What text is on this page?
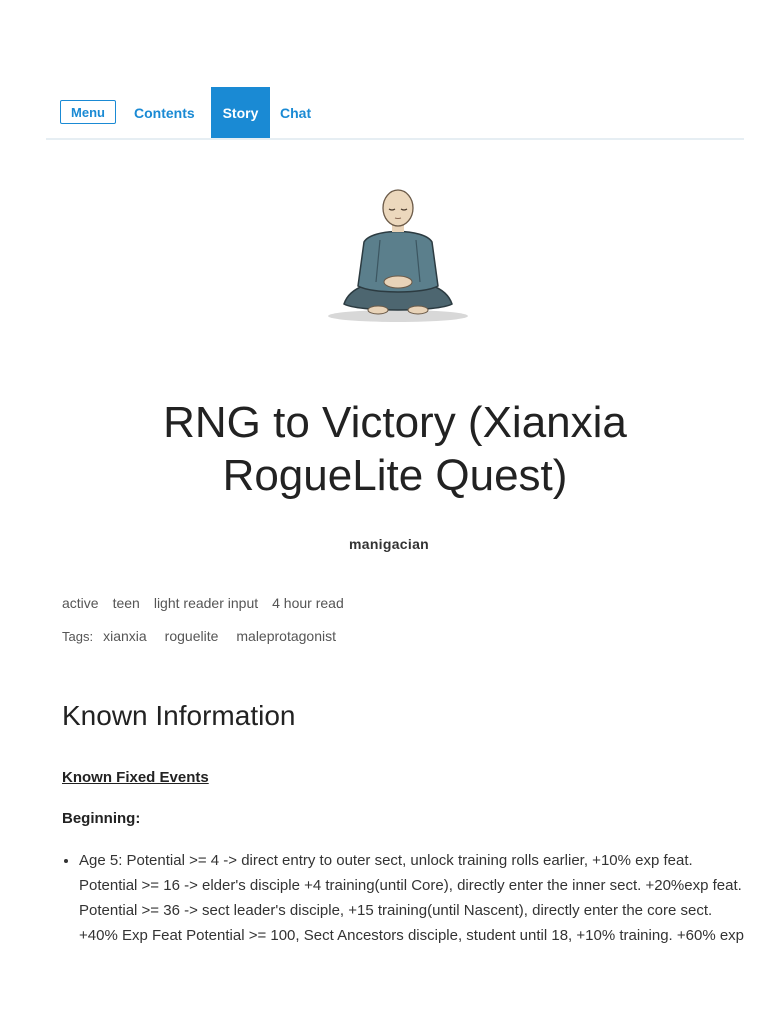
Menu	Contents	Story	Chat
RNG to Victory (Xianxia RogueLite Quest)
manigacian
active teen light reader input 4 hour read
Tags: xianxia roguelite maleprotagonist
Known Information
Known Fixed Events
Beginning:
• Age 5: Potential >= 4 -> direct entry to outer sect, unlock training rolls earlier, +10% exp feat. Potential >= 16 -> elder's disciple +4 training(until Core), directly enter the inner sect. +20%exp feat. Potential >= 36 -> sect leader's disciple, +15 training(until Nascent), directly enter the core sect. +40% Exp Feat Potential >= 100, Sect Ancestors disciple, student until 18, +10% training. +60% exp
